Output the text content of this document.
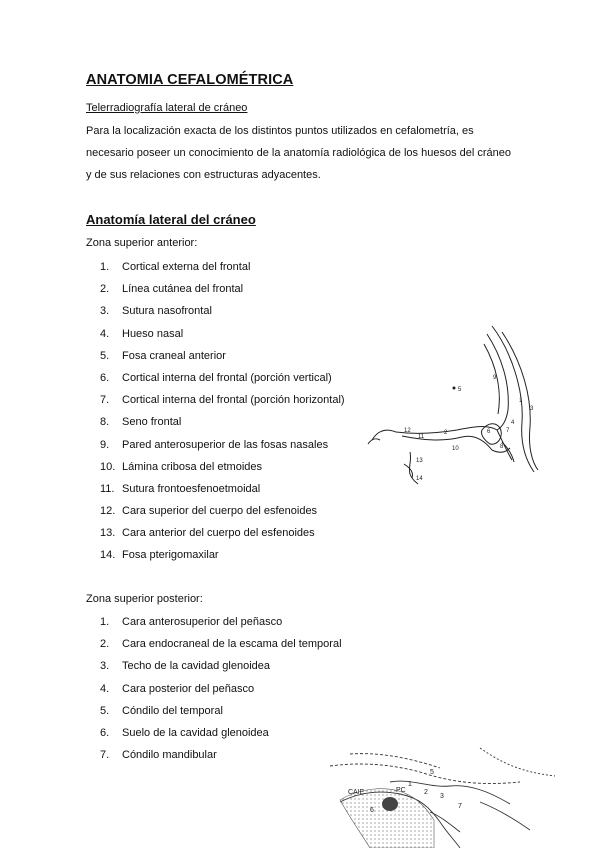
ANATOMIA CEFALOMÉTRICA
Telerradiografía lateral de cráneo
Para la localización exacta de los distintos puntos utilizados en cefalometría, es
necesario poseer un conocimiento de la anatomía radiológica de los huesos del cráneo
y de sus relaciones con estructuras adyacentes.
Anatomía lateral del cráneo
Zona superior anterior:
1. Cortical externa del frontal
2. Línea cutánea del frontal
3. Sutura nasofrontal
4. Hueso nasal
5. Fosa craneal anterior
6. Cortical interna del frontal (porción vertical)
7. Cortical interna del frontal (porción horizontal)
8. Seno frontal
9. Pared anterosuperior de las fosas nasales
10. Lámina cribosa del etmoides
11. Sutura frontoesfenoetmoidal
12. Cara superior del cuerpo del esfenoides
13. Cara anterior del cuerpo del esfenoides
14. Fosa pterigomaxilar
Zona superior posterior:
1. Cara anterosuperior del peñasco
2. Cara endocraneal de la escama del temporal
3. Techo de la cavidad glenoidea
4. Cara posterior del peñasco
5. Cóndilo del temporal
6. Suelo de la cavidad glenoidea
7. Cóndilo mandibular
1
2
3
4
5
6	7
8
9
10
11
12
13
14
CAIE	PC
1
2
3
5
6
7
